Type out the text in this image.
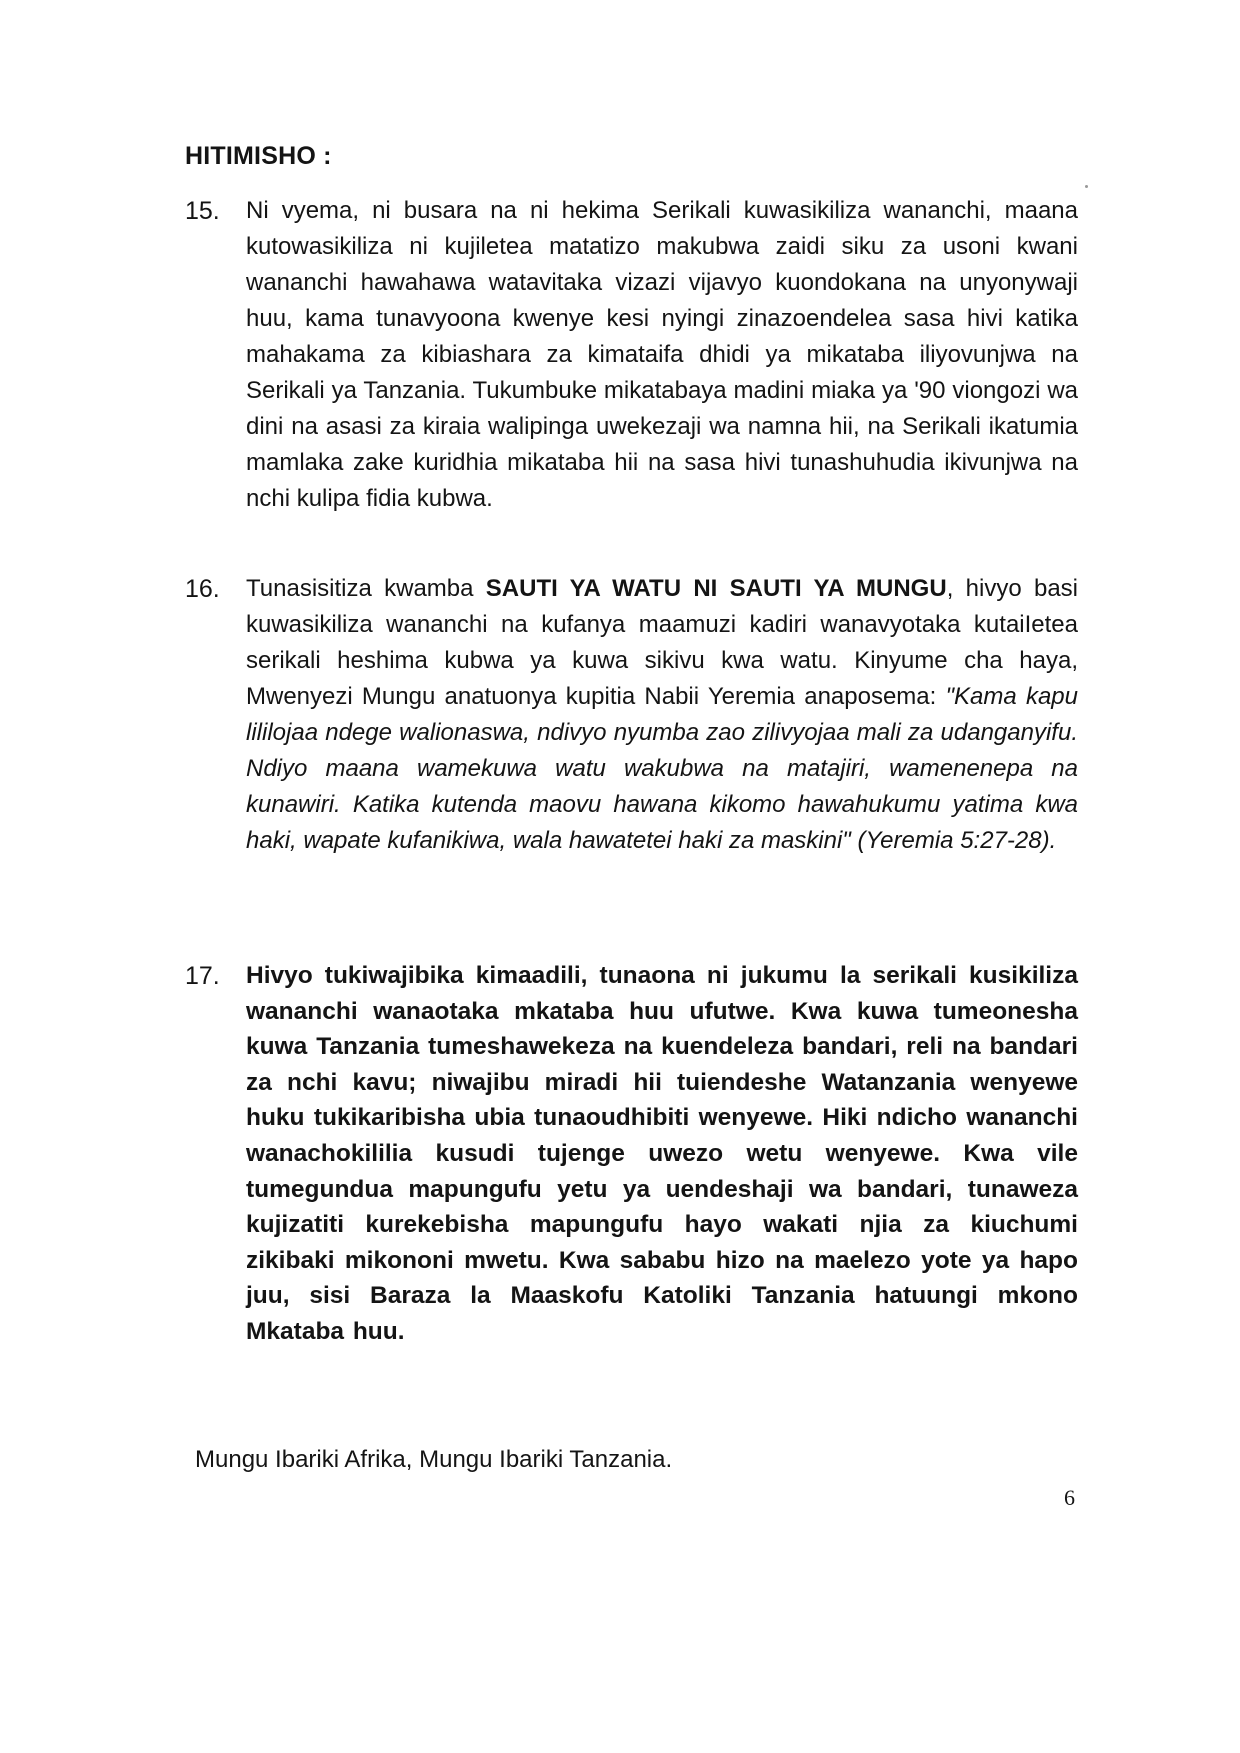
HITIMISHO :
15. Ni vyema, ni busara na ni hekima Serikali kuwasikiliza wananchi, maana kutowasikiliza ni kujiletea matatizo makubwa zaidi siku za usoni kwani wananchi hawahawa watavitaka vizazi vijavyo kuondokana na unyonywaji huu, kama tunavyoona kwenye kesi nyingi zinazoendelea sasa hivi katika mahakama za kibiashara za kimataifa dhidi ya mikataba iliyovunjwa na Serikali ya Tanzania. Tukumbuke mikatabaya madini miaka ya '90 viongozi wa dini na asasi za kiraia walipinga uwekezaji wa namna hii, na Serikali ikatumia mamlaka zake kuridhia mikataba hii na sasa hivi tunashuhudia ikivunjwa na nchi kulipa fidia kubwa.
16. Tunasisitiza kwamba SAUTI YA WATU NI SAUTI YA MUNGU, hivyo basi kuwasikiliza wananchi na kufanya maamuzi kadiri wanavyotaka kutaiIetea serikali heshima kubwa ya kuwa sikivu kwa watu. Kinyume cha haya, Mwenyezi Mungu anatuonya kupitia Nabii Yeremia anaposema: "Kama kapu lililojaa ndege walionaswa, ndivyo nyumba zao zilivyojaa mali za udanganyifu. Ndiyo maana wamekuwa watu wakubwa na matajiri, wamenenepa na kunawiri. Katika kutenda maovu hawana kikomo hawahukumu yatima kwa haki, wapate kufanikiwa, wala hawatetei haki za maskini" (Yeremia 5:27-28).
17. Hivyo tukiwajibika kimaadili, tunaona ni jukumu la serikali kusikiliza wananchi wanaotaka mkataba huu ufutwe. Kwa kuwa tumeonesha kuwa Tanzania tumeshawekeza na kuendeleza bandari, reli na bandari za nchi kavu; niwajibu miradi hii tuiendeshe Watanzania wenyewe huku tukikaribisha ubia tunaoudhibiti wenyewe. Hiki ndicho wananchi wanachokililia kusudi tujenge uwezo wetu wenyewe. Kwa vile tumegundua mapungufu yetu ya uendeshaji wa bandari, tunaweza kujizatiti kurekebisha mapungufu hayo wakati njia za kiuchumi zikibaki mikononi mwetu. Kwa sababu hizo na maelezo yote ya hapo juu, sisi Baraza la Maaskofu Katoliki Tanzania hatuungi mkono Mkataba huu.
Mungu Ibariki Afrika, Mungu Ibariki Tanzania.
6
